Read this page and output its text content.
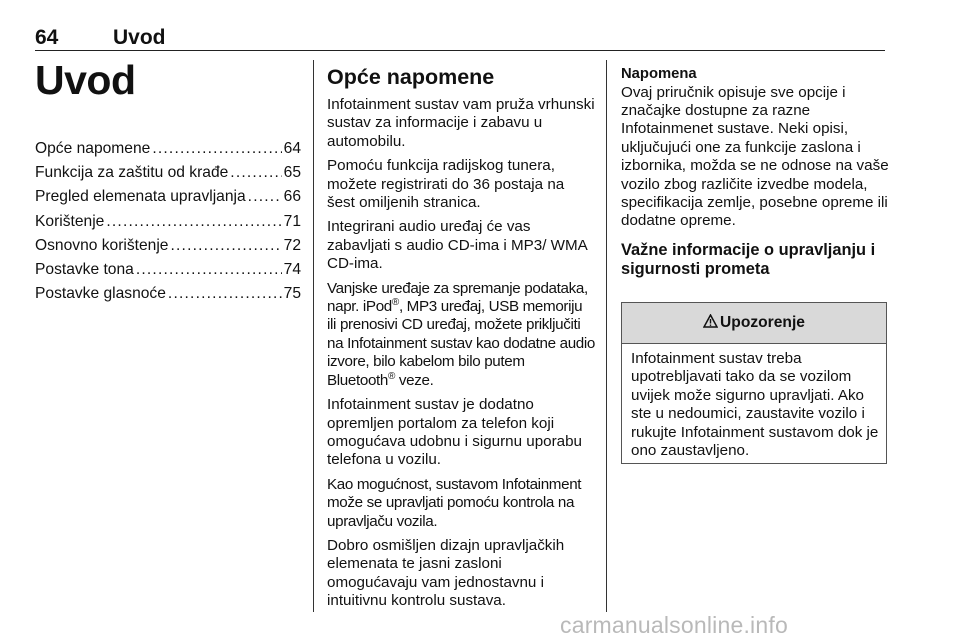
64	Uvod
Uvod
Opće napomene .....	64
Funkcija za zaštitu od krađe .....	65
Pregled elemenata upravljanja ..... 66
Korištenje .....	71
Osnovno korištenje .....	72
Postavke tona .....	74
Postavke glasnoće .....	75
Opće napomene
Infotainment sustav vam pruža vrhunski sustav za informacije i zabavu u automobilu.
Pomoću funkcija radijskog tunera, možete registrirati do 36 postaja na šest omiljenih stranica.
Integrirani audio uređaj će vas zabavljati s audio CD-ima i MP3/ WMA CD-ima.
Vanjske uređaje za spremanje podataka, napr. iPod®, MP3 uređaj, USB memoriju ili prenosivi CD uređaj, možete priključiti na Infotainment sustav kao dodatne audio izvore, bilo kabelom bilo putem Bluetooth® veze.
Infotainment sustav je dodatno opremljen portalom za telefon koji omogućava udobnu i sigurnu uporabu telefona u vozilu.
Kao mogućnost, sustavom Infotainment može se upravljati pomoću kontrola na upravljaču vozila.
Dobro osmišljen dizajn upravljačkih elemenata te jasni zasloni omogućavaju vam jednostavnu i intuitivnu kontrolu sustava.
Napomena
Ovaj priručnik opisuje sve opcije i značajke dostupne za razne Infotainmenet sustave. Neki opisi, uključujući one za funkcije zaslona i izbornika, možda se ne odnose na vaše vozilo zbog različite izvedbe modela, specifikacija zemlje, posebne opreme ili dodatne opreme.
Važne informacije o upravljanju i sigurnosti prometa
Upozorenje
Infotainment sustav treba upotrebljavati tako da se vozilom uvijek može sigurno upravljati. Ako ste u nedoumici, zaustavite vozilo i rukujte Infotainment sustavom dok je ono zaustavljeno.
carmanualsonline.info
